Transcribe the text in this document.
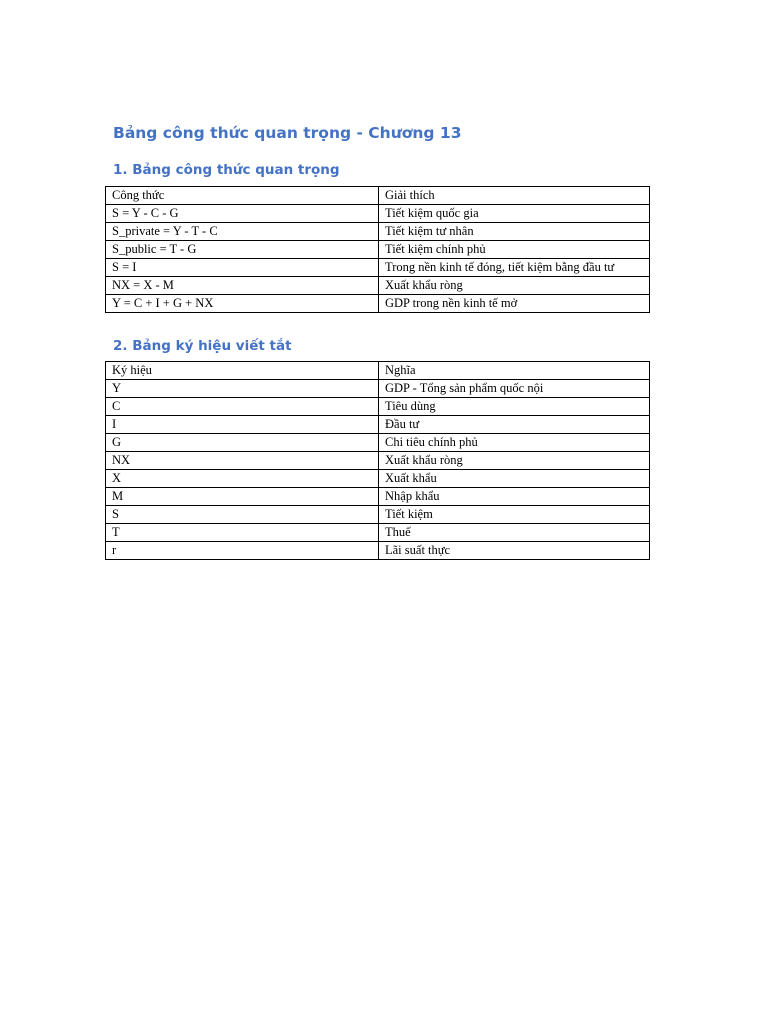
Bảng công thức quan trọng - Chương 13
1. Bảng công thức quan trọng
Công thức	Giải thích
S = Y - C - G	Tiết kiệm quốc gia
S_private = Y - T - C	Tiết kiệm tư nhân
S_public = T - G	Tiết kiệm chính phủ
S = I	Trong nền kinh tế đóng, tiết kiệm bằng đầu tư
NX = X - M	Xuất khẩu ròng
Y = C + I + G + NX	GDP trong nền kinh tế mở
2. Bảng ký hiệu viết tắt
Ký hiệu	Nghĩa
Y	GDP - Tổng sản phẩm quốc nội
C	Tiêu dùng
I	Đầu tư
G	Chi tiêu chính phủ
NX	Xuất khẩu ròng
X	Xuất khẩu
M	Nhập khẩu
S	Tiết kiệm
T	Thuế
r	Lãi suất thực
